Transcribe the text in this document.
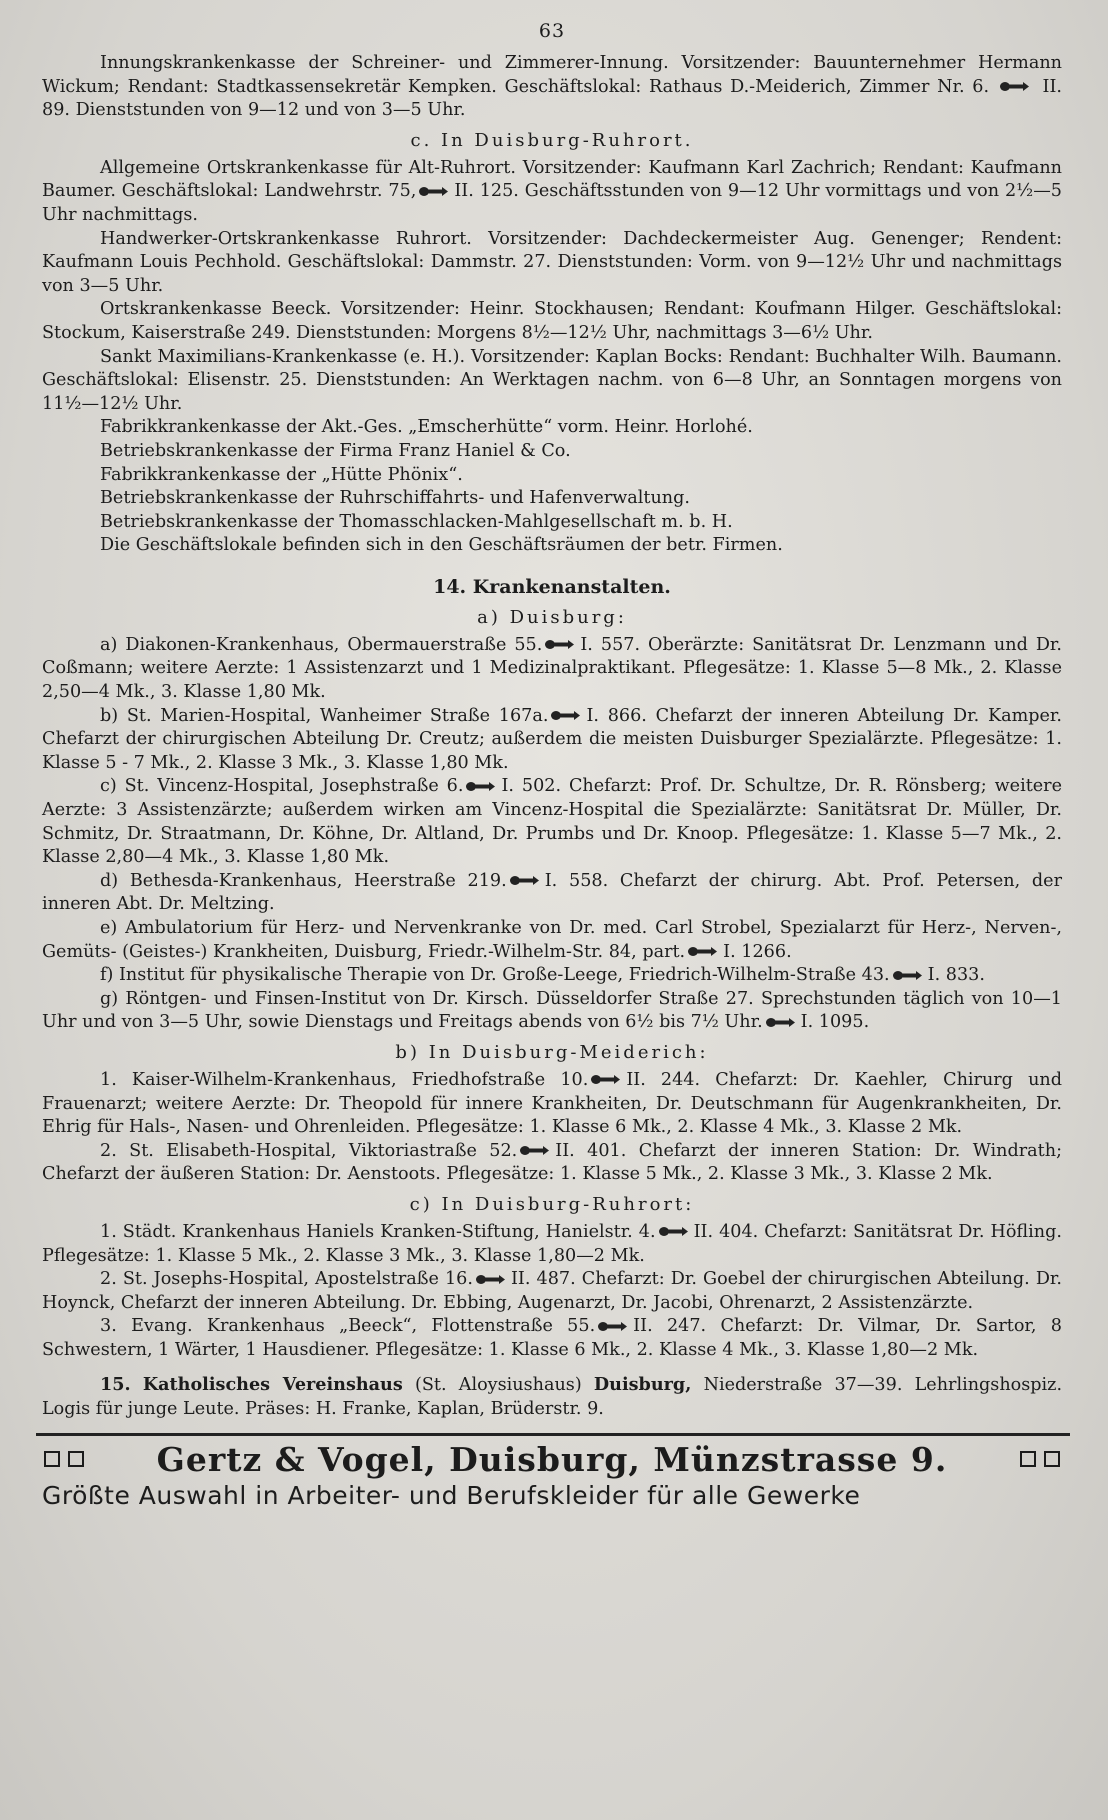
63

Innungskrankenkasse der Schreiner- und Zimmerer-Innung. Vorsitzender: Bauunternehmer Hermann Wickum; Rendant: Stadtkassensekretär Kempken. Geschäftslokal: Rathaus D.-Meiderich, Zimmer Nr. 6.	II. 89. Dienststunden von 9—12 und von 3—5 Uhr.

c. In Duisburg-Ruhrort.

Allgemeine Ortskrankenkasse für Alt-Ruhrort. Vorsitzender: Kaufmann Karl Zachrich; Rendant: Kaufmann Baumer. Geschäftslokal: Landwehrstr. 75, II. 125. Geschäftsstunden von 9—12 Uhr vormittags und von 2½—5 Uhr nachmittags.

Handwerker-Ortskrankenkasse Ruhrort. Vorsitzender: Dachdeckermeister Aug. Genenger; Rendent: Kaufmann Louis Pechhold. Geschäftslokal: Dammstr. 27. Dienststunden: Vorm. von 9—12½ Uhr und nachmittags von 3—5 Uhr.

Ortskrankenkasse Beeck. Vorsitzender: Heinr. Stockhausen; Rendant: Koufmann Hilger. Geschäftslokal: Stockum, Kaiserstraße 249. Dienststunden: Morgens 8½—12½ Uhr, nachmittags 3—6½ Uhr.

Sankt Maximilians-Krankenkasse (e. H.). Vorsitzender: Kaplan Bocks: Rendant: Buchhalter Wilh. Baumann. Geschäftslokal: Elisenstr. 25. Dienststunden: An Werktagen nachm. von 6—8 Uhr, an Sonntagen morgens von 11½—12½ Uhr.

Fabrikkrankenkasse der Akt.-Ges. „Emscherhütte“ vorm. Heinr. Horlohé.

Betriebskrankenkasse der Firma Franz Haniel & Co.

Fabrikkrankenkasse der „Hütte Phönix“.

Betriebskrankenkasse der Ruhrschiffahrts- und Hafenverwaltung.

Betriebskrankenkasse der Thomasschlacken-Mahlgesellschaft m. b. H.

Die Geschäftslokale befinden sich in den Geschäftsräumen der betr. Firmen.

14. Krankenanstalten.
a) Duisburg:

a) Diakonen-Krankenhaus, Obermauerstraße 55. I. 557. Oberärzte: Sanitätsrat Dr. Lenzmann und Dr. Coßmann; weitere Aerzte: 1 Assistenzarzt und 1 Medizinalpraktikant. Pflegesätze: 1. Klasse 5—8 Mk., 2. Klasse 2,50—4 Mk., 3. Klasse 1,80 Mk.

b) St. Marien-Hospital, Wanheimer Straße 167a. I. 866. Chefarzt der inneren Abteilung Dr. Kamper. Chefarzt der chirurgischen Abteilung Dr. Creutz; außerdem die meisten Duisburger Spezialärzte. Pflegesätze: 1. Klasse 5 - 7 Mk., 2. Klasse 3 Mk., 3. Klasse 1,80 Mk.

c) St. Vincenz-Hospital, Josephstraße 6. I. 502. Chefarzt: Prof. Dr. Schultze, Dr. R. Rönsberg; weitere Aerzte: 3 Assistenzärzte; außerdem wirken am Vincenz-Hospital die Spezialärzte: Sanitätsrat Dr. Müller, Dr. Schmitz, Dr. Straatmann, Dr. Köhne, Dr. Altland, Dr. Prumbs und Dr. Knoop. Pflegesätze: 1. Klasse 5—7 Mk., 2. Klasse 2,80—4 Mk., 3. Klasse 1,80 Mk.

d) Bethesda-Krankenhaus, Heerstraße 219. I. 558. Chefarzt der chirurg. Abt. Prof. Petersen, der inneren Abt. Dr. Meltzing.

e) Ambulatorium für Herz- und Nervenkranke von Dr. med. Carl Strobel, Spezialarzt für Herz-, Nerven-, Gemüts- (Geistes-) Krankheiten, Duisburg, Friedr.-Wilhelm-Str. 84, part. I. 1266.

f) Institut für physikalische Therapie von Dr. Große-Leege, Friedrich-Wilhelm-Straße 43. I. 833.

g) Röntgen- und Finsen-Institut von Dr. Kirsch. Düsseldorfer Straße 27. Sprechstunden täglich von 10—1 Uhr und von 3—5 Uhr, sowie Dienstags und Freitags abends von 6½ bis 7½ Uhr. I. 1095.

b) In Duisburg-Meiderich:

1. Kaiser-Wilhelm-Krankenhaus, Friedhofstraße 10. II. 244. Chefarzt: Dr. Kaehler, Chirurg und Frauenarzt; weitere Aerzte: Dr. Theopold für innere Krankheiten, Dr. Deutschmann für Augenkrankheiten, Dr. Ehrig für Hals-, Nasen- und Ohrenleiden. Pflegesätze: 1. Klasse 6 Mk., 2. Klasse 4 Mk., 3. Klasse 2 Mk.

2. St. Elisabeth-Hospital, Viktoriastraße 52. II. 401. Chefarzt der inneren Station: Dr. Windrath; Chefarzt der äußeren Station: Dr. Aenstoots. Pflegesätze: 1. Klasse 5 Mk., 2. Klasse 3 Mk., 3. Klasse 2 Mk.

c) In Duisburg-Ruhrort:

1. Städt. Krankenhaus Haniels Kranken-Stiftung, Hanielstr. 4. II. 404. Chefarzt: Sanitätsrat Dr. Höfling. Pflegesätze: 1. Klasse 5 Mk., 2. Klasse 3 Mk., 3. Klasse 1,80—2 Mk.

2. St. Josephs-Hospital, Apostelstraße 16. II. 487. Chefarzt: Dr. Goebel der chirurgischen Abteilung. Dr. Hoynck, Chefarzt der inneren Abteilung. Dr. Ebbing, Augenarzt, Dr. Jacobi, Ohrenarzt, 2 Assistenzärzte.

3. Evang. Krankenhaus „Beeck“, Flottenstraße 55. II. 247. Chefarzt: Dr. Vilmar, Dr. Sartor, 8 Schwestern, 1 Wärter, 1 Hausdiener. Pflegesätze: 1. Klasse 6 Mk., 2. Klasse 4 Mk., 3. Klasse 1,80—2 Mk.

15. Katholisches Vereinshaus (St. Aloysiushaus) Duisburg, Niederstraße 37—39. Lehrlingshospiz. Logis für junge Leute. Präses: H. Franke, Kaplan, Brüderstr. 9.

Gertz & Vogel, Duisburg, Münzstrasse 9.
Größte Auswahl in Arbeiter- und Berufskleider für alle Gewerke
